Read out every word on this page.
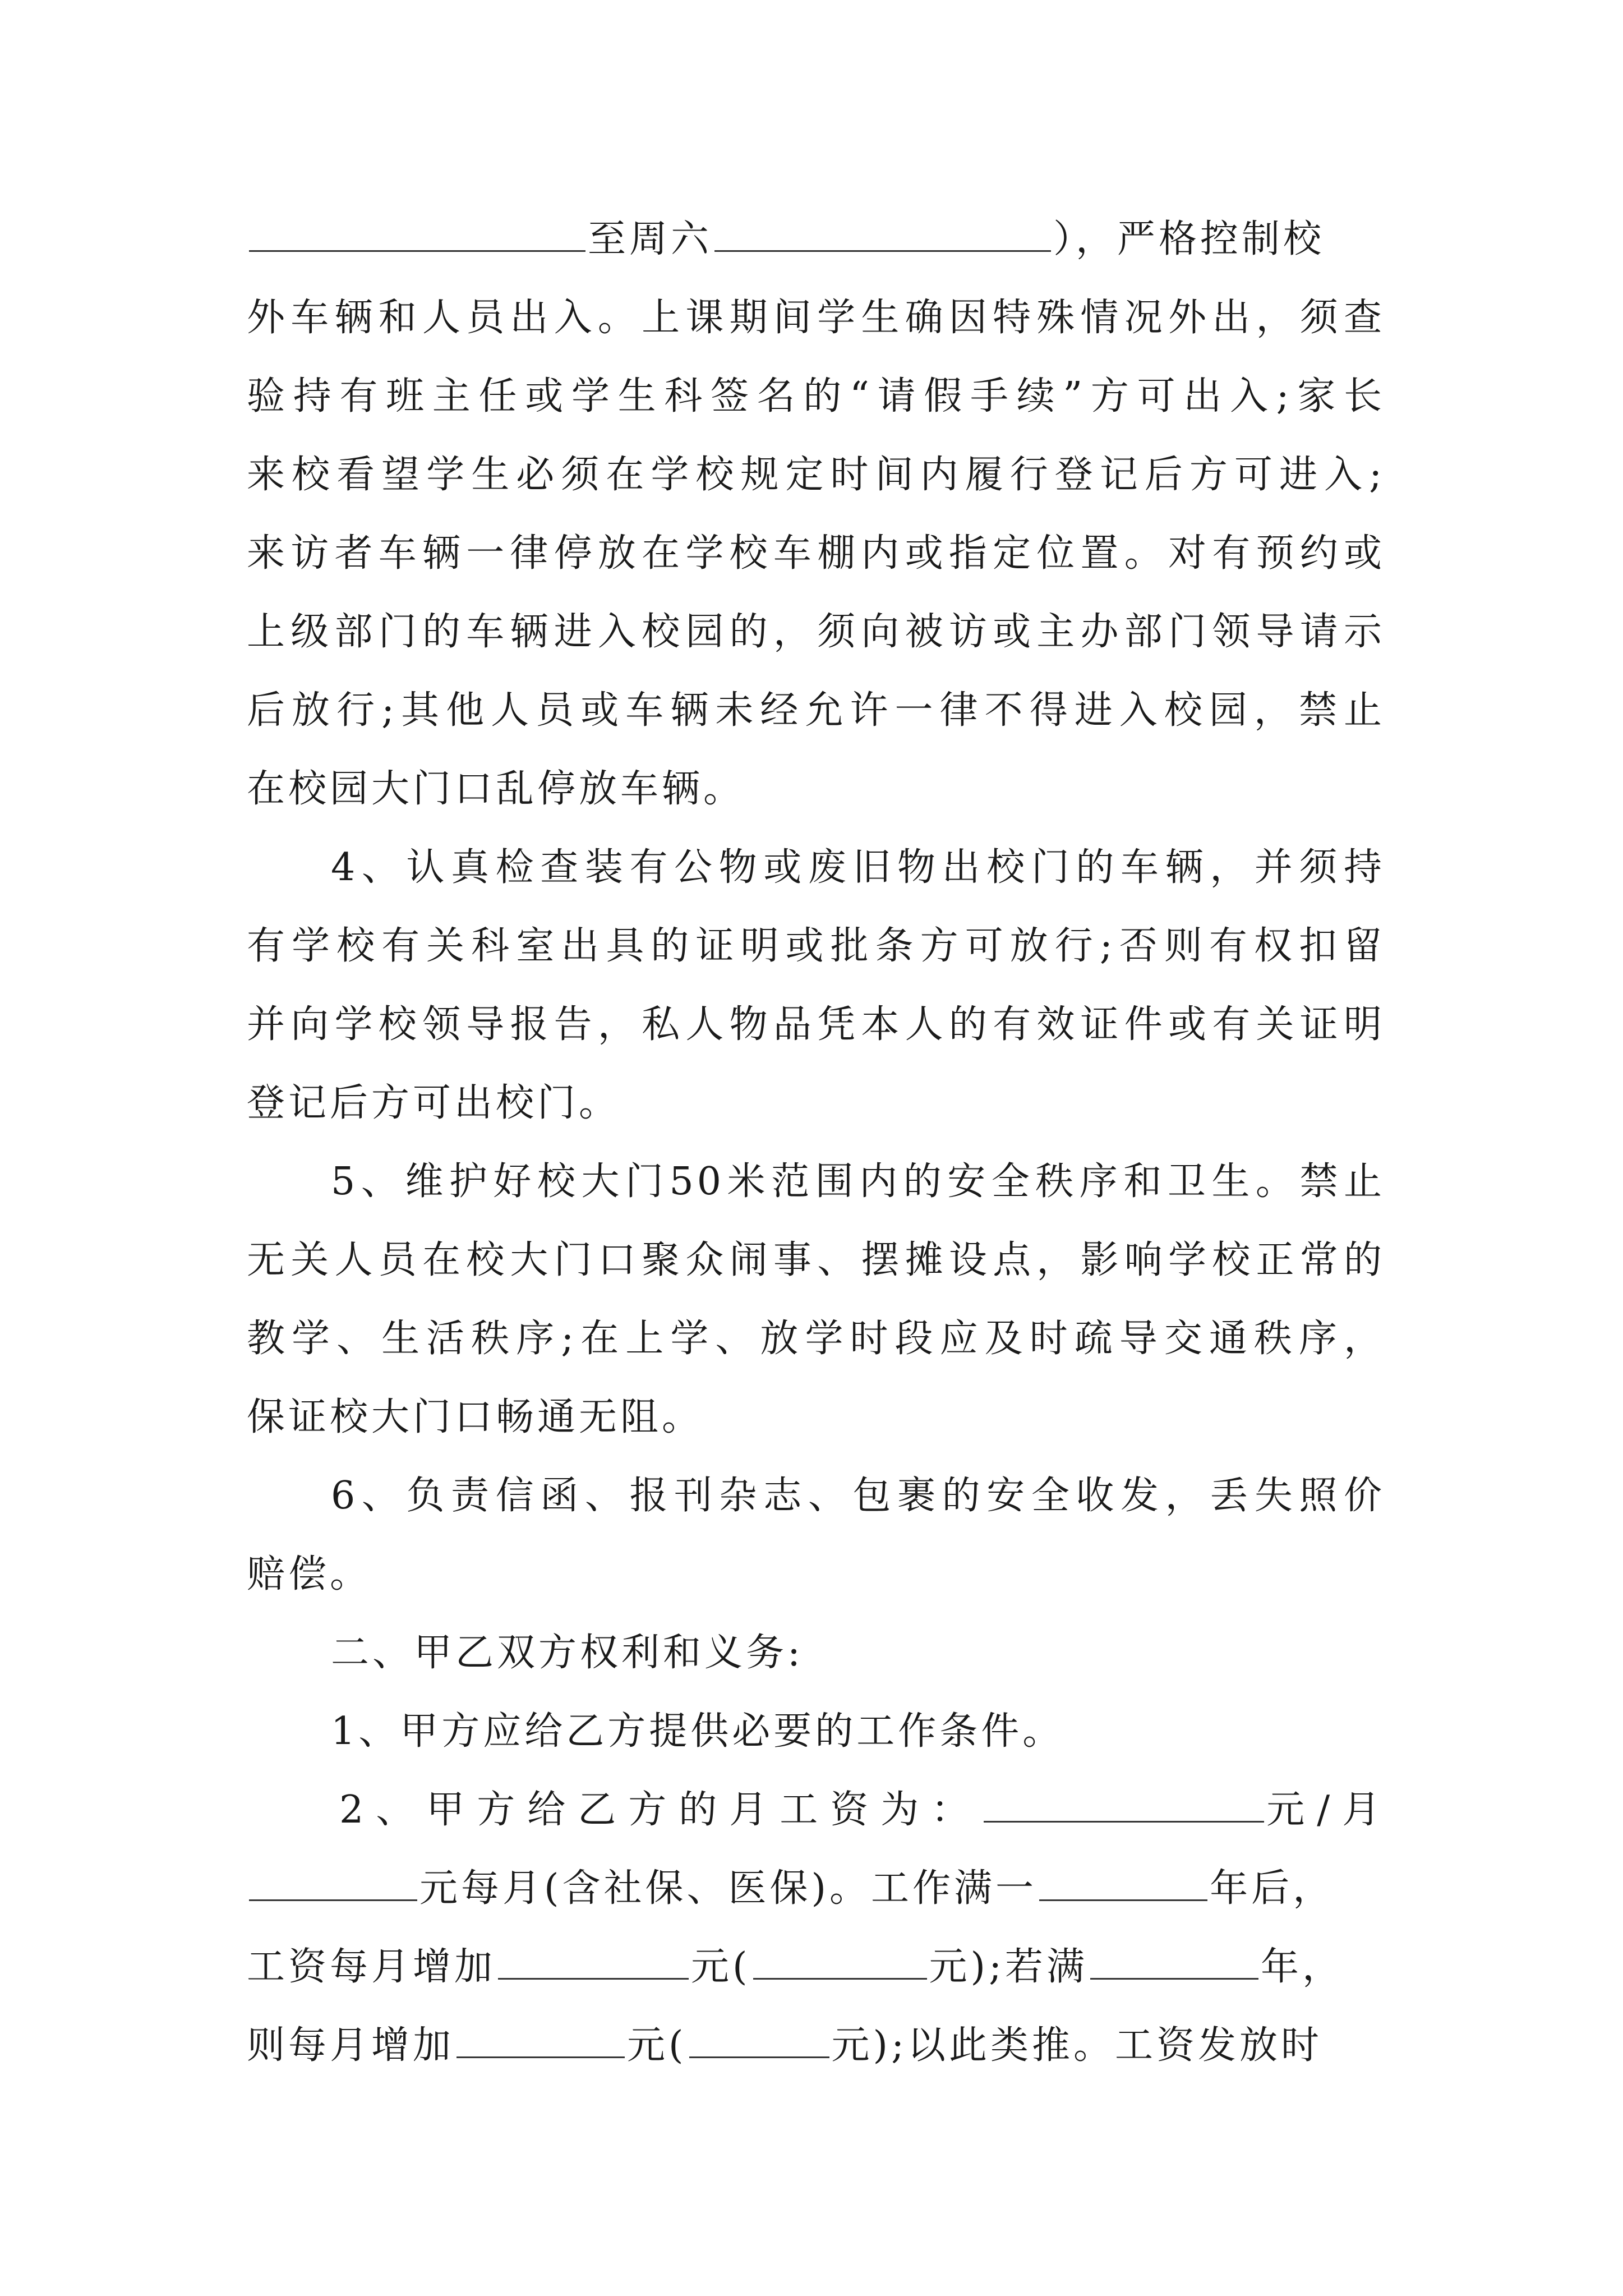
至周六	），严格控制校
外车辆和人员出入。上课期间学生确因特殊情况外出，须查
验持有班主任或学生科签名的“请假手续”方可出入;家长
来校看望学生必须在学校规定时间内履行登记后方可进入;
来访者车辆一律停放在学校车棚内或指定位置。对有预约或
上级部门的车辆进入校园的，须向被访或主办部门领导请示
后放行;其他人员或车辆未经允许一律不得进入校园，禁止
在校园大门口乱停放车辆。
4、认真检查装有公物或废旧物出校门的车辆，并须持
有学校有关科室出具的证明或批条方可放行;否则有权扣留
并向学校领导报告，私人物品凭本人的有效证件或有关证明
登记后方可出校门。
5、维护好校大门50米范围内的安全秩序和卫生。禁止
无关人员在校大门口聚众闹事、摆摊设点，影响学校正常的
教学、生活秩序;在上学、放学时段应及时疏导交通秩序，
保证校大门口畅通无阻。
6、负责信函、报刊杂志、包裹的安全收发，丢失照价
赔偿。
二、甲乙双方权利和义务:
1、甲方应给乙方提供必要的工作条件。
2、甲方给乙方的月工资为：	元/月
元每月(含社保、医保)。工作满一	年后，
工资每月增加	元(	元);若满	年，
则每月增加	元(	元);以此类推。工资发放时
